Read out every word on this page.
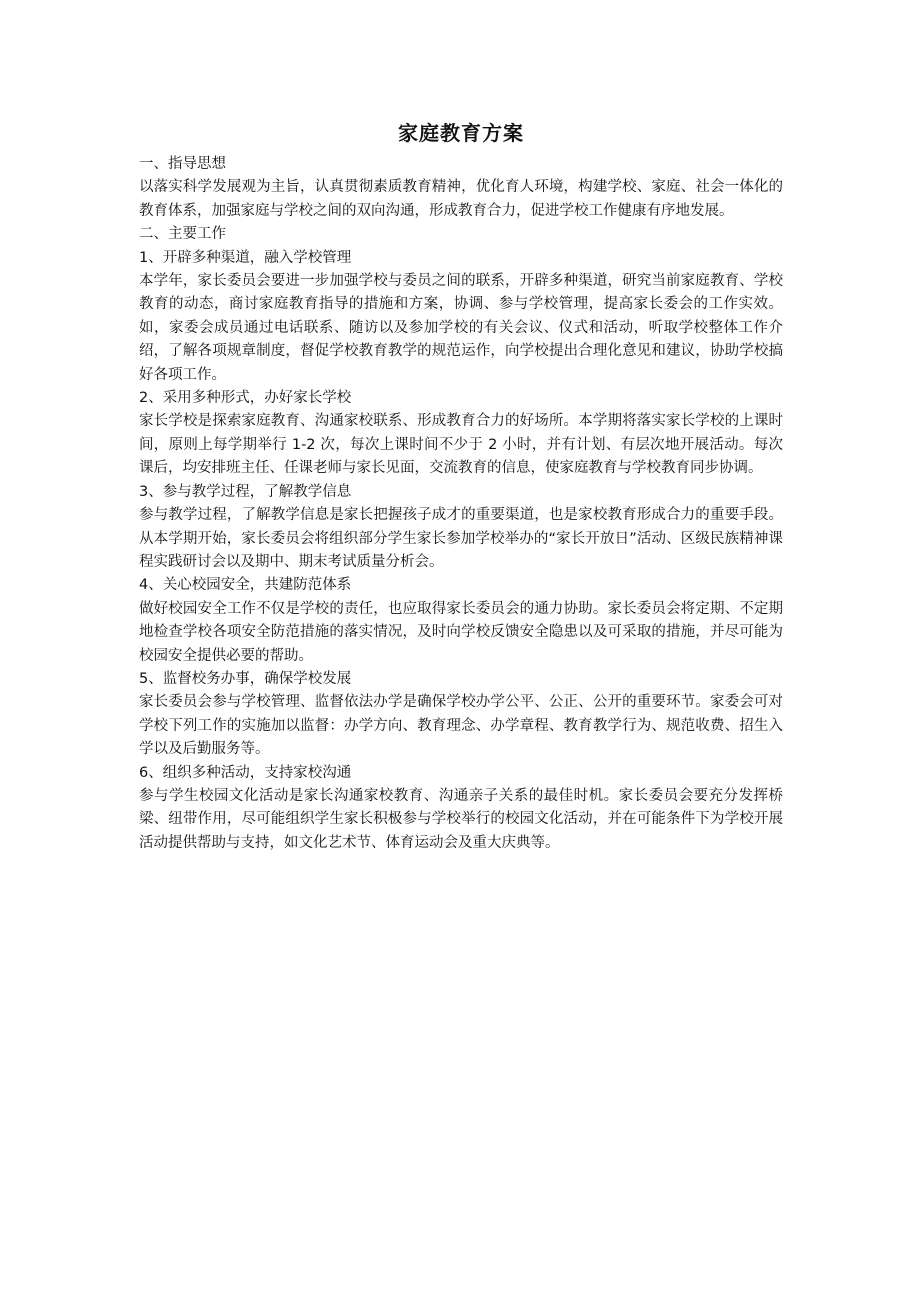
家庭教育方案

一、指导思想

以落实科学发展观为主旨，认真贯彻素质教育精神，优化育人环境，构建学校、家庭、社会一体化的教育体系，加强家庭与学校之间的双向沟通，形成教育合力，促进学校工作健康有序地发展。

二、主要工作

1、开辟多种渠道，融入学校管理

本学年，家长委员会要进一步加强学校与委员之间的联系，开辟多种渠道，研究当前家庭教育、学校教育的动态，商讨家庭教育指导的措施和方案，协调、参与学校管理，提高家长委会的工作实效。如，家委会成员通过电话联系、随访以及参加学校的有关会议、仪式和活动，听取学校整体工作介绍，了解各项规章制度，督促学校教育教学的规范运作，向学校提出合理化意见和建议，协助学校搞好各项工作。

2、采用多种形式，办好家长学校

家长学校是探索家庭教育、沟通家校联系、形成教育合力的好场所。本学期将落实家长学校的上课时间，原则上每学期举行 1-2 次，每次上课时间不少于 2 小时，并有计划、有层次地开展活动。每次课后，均安排班主任、任课老师与家长见面，交流教育的信息，使家庭教育与学校教育同步协调。

3、参与教学过程，了解教学信息

参与教学过程，了解教学信息是家长把握孩子成才的重要渠道，也是家校教育形成合力的重要手段。从本学期开始，家长委员会将组织部分学生家长参加学校举办的“家长开放日”活动、区级民族精神课程实践研讨会以及期中、期末考试质量分析会。

4、关心校园安全，共建防范体系

做好校园安全工作不仅是学校的责任，也应取得家长委员会的通力协助。家长委员会将定期、不定期地检查学校各项安全防范措施的落实情况，及时向学校反馈安全隐患以及可采取的措施，并尽可能为校园安全提供必要的帮助。

5、监督校务办事，确保学校发展

家长委员会参与学校管理、监督依法办学是确保学校办学公平、公正、公开的重要环节。家委会可对学校下列工作的实施加以监督：办学方向、教育理念、办学章程、教育教学行为、规范收费、招生入学以及后勤服务等。

6、组织多种活动，支持家校沟通

参与学生校园文化活动是家长沟通家校教育、沟通亲子关系的最佳时机。家长委员会要充分发挥桥梁、纽带作用，尽可能组织学生家长积极参与学校举行的校园文化活动，并在可能条件下为学校开展活动提供帮助与支持，如文化艺术节、体育运动会及重大庆典等。
